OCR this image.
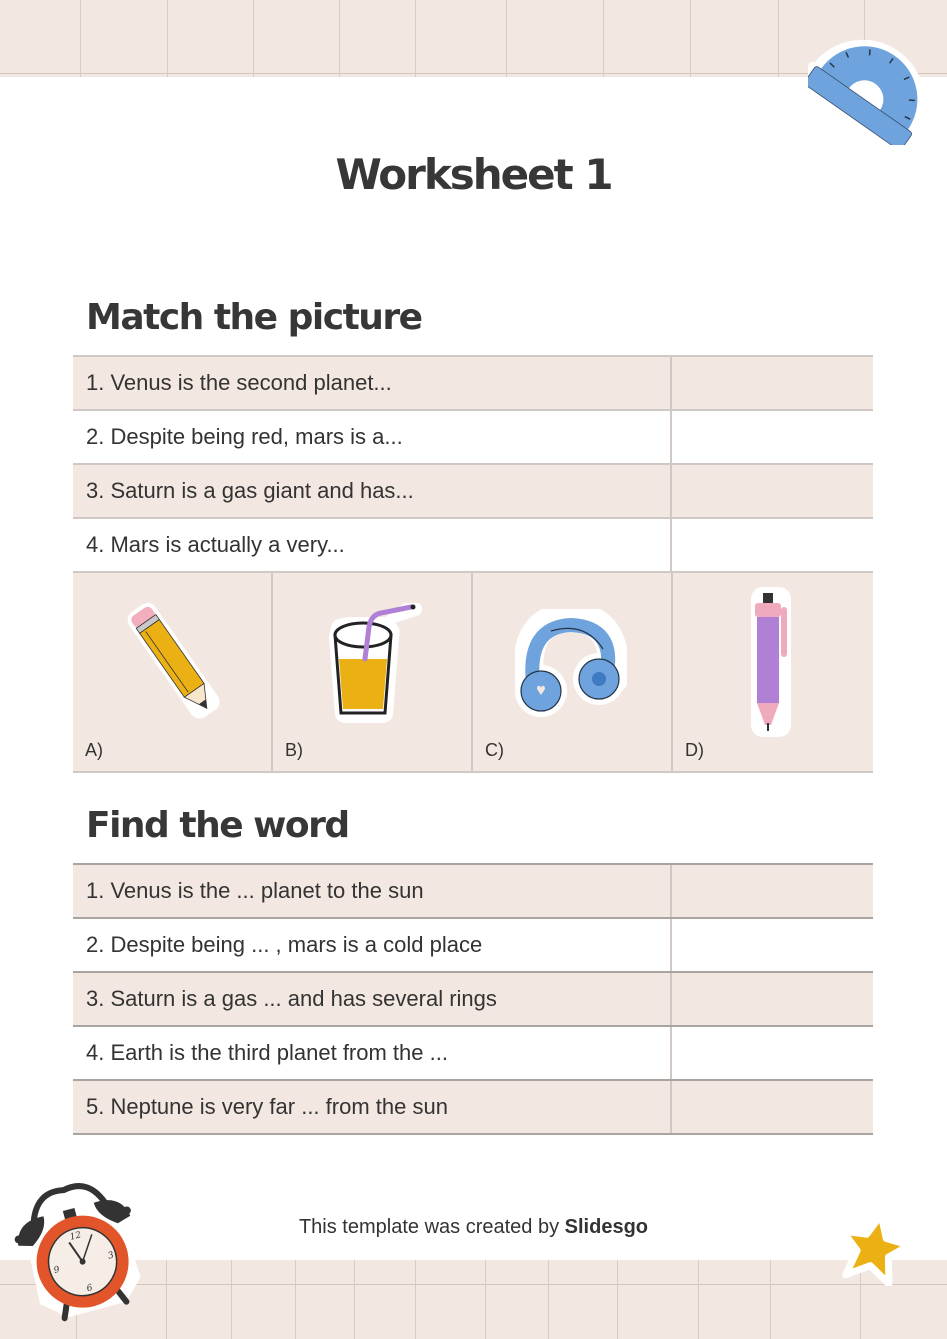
Worksheet 1
Match the picture
1. Venus is the second planet...
2. Despite being red, mars is a...
3. Saturn is a gas giant and has...
4. Mars is actually a very...
A)	B)	C)	D)
Find the word
1. Venus is the ... planet to the sun
2. Despite being ... , mars is a cold place
3. Saturn is a gas ... and has several rings
4. Earth is the third planet from the ...
5. Neptune is very far ... from the sun
This template was created by Slidesgo
12
3
6
9
